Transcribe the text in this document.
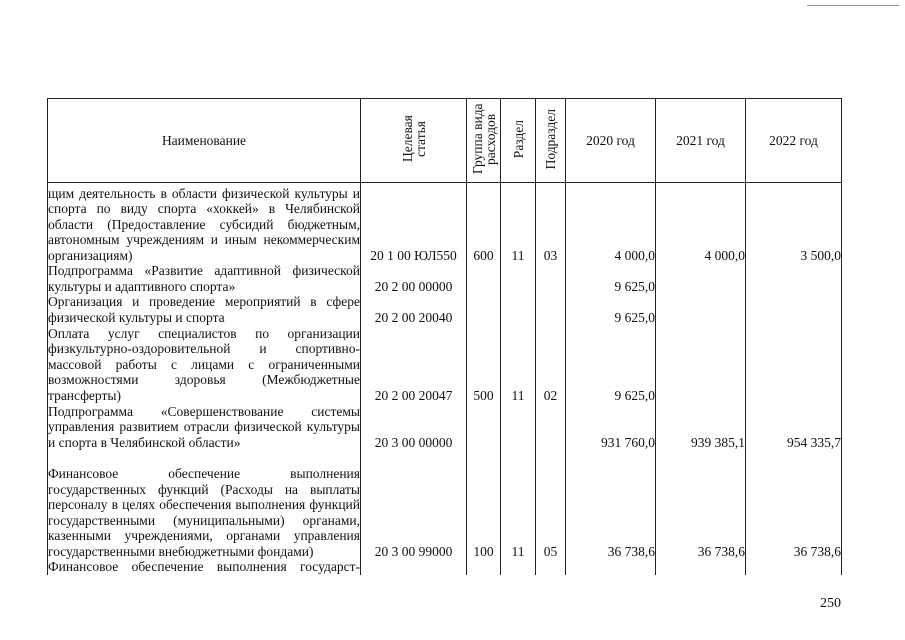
Наименование	Целевая статья	Группа вида расходов	Раздел	Подраздел	2020 год	2021 год	2022 год
щим деятельность в области физической культуры и спорта по виду спорта «хоккей» в Челябинской области (Предоставление субсидий бюджетным, автономным учреждениям и иным некоммерческим организациям)	20 1 00 ЮЛ550	600	11	03	4 000,0	4 000,0	3 500,0
Подпрограмма «Развитие адаптивной физической культуры и адаптивного спорта»	20 2 00 00000				9 625,0		
Организация и проведение мероприятий в сфере физической культуры и спорта	20 2 00 20040				9 625,0		
Оплата услуг специалистов по организации физкультурно-оздоровительной и спортивно-массовой работы с лицами с ограниченными возможностями здоровья (Межбюджетные трансферты)	20 2 00 20047	500	11	02	9 625,0		
Подпрограмма «Совершенствование системы управления развитием отрасли физической культуры и спорта в Челябинской области»	20 3 00 00000				931 760,0	939 385,1	954 335,7
Финансовое обеспечение выполнения государственных функций (Расходы на выплаты персоналу в целях обеспечения выполнения функций государственными (муниципальными) органами, казенными учреждениями, органами управления государственными внебюджетными фондами)	20 3 00 99000	100	11	05	36 738,6	36 738,6	36 738,6
Финансовое обеспечение выполнения государст-							
250
